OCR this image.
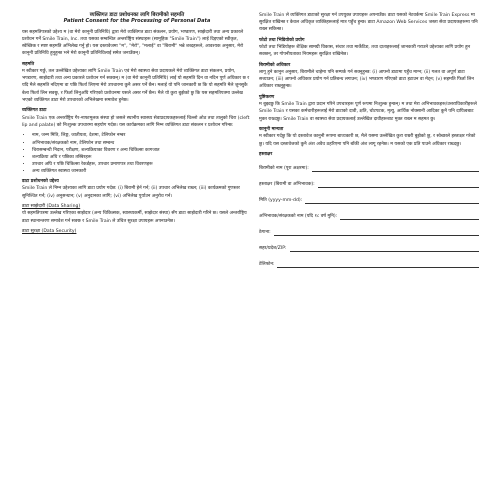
व्यक्तिगत डाटा प्रशोधनका लागि बिरामीको सहमति
Patient Consent for the Processing of Personal Data

यस सहमतिपत्रको उद्देश्य म (वा मेरो कानूनी प्रतिनिधि) द्वारा मेरो व्यक्तिगत डाटा संकलन, प्रयोग, भण्डारण, साझेदारी तथा अन्य प्रकारले प्रशोधन गर्ने Smile Train, Inc. तथा यसका सम्बन्धित अन्तर्राष्ट्रिय संस्थाहरू (सामूहिक "Smile Train") लाई दिइएको स्वीकृत, स्वेच्छिक र स्पष्ट सहमति अभिलेख गर्नु हो। यस दस्तावेजमा "म", "मेरो", "मलाई" वा "बिरामी" भन्ने शब्दहरूले, आवश्यक अनुसार, मेरो कानूनी प्रतिनिधि हुनुहुन्छ भने मेरो कानूनी प्रतिनिधिलाई समेत जनाउँछन्।

सहमति

म स्वीकार गर्छु, तल उल्लेखित उद्देश्यका लागि Smile Train एवं मेरो स्वास्थ्य सेवा प्रदायकले मेरो व्यक्तिगत डाटा संकलन, प्रयोग, भण्डारण, साझेदारी तथा अन्य प्रकारले प्रशोधन गर्न सक्छन्। म (वा मेरो कानूनी प्रतिनिधि) लाई यो सहमति दिन वा नदिन पूर्ण अधिकार छ र यदि मैले सहमति नदिएमा वा पछि फिर्ता लिएमा मेरो उपचारमा कुनै असर पर्ने छैन। मलाई यो पनि जानकारी छ कि यो सहमति मैले जुनसुकै बेला फिर्ता लिन सक्छु, र फिर्ता लिनुअघि गरिएको प्रशोधनमा यसले असर गर्ने छैन। मैले यो कुरा बुझेको छु कि यस सहमतिपत्रमा उल्लेख भएको व्यक्तिगत डाटा मेरो उपचारको अभिलेखमा समावेश हुनेछ।

व्यक्तिगत डाटा

Smile Train एक अन्तर्राष्ट्रिय गैर-नाफामूलक संस्था हो जसले स्थानीय स्वास्थ्य सेवाप्रदायकहरूलाई चिल्लो ओठ तथा तालुको चिरा (cleft lip and palate) को निःशुल्क उपचारमा सहयोग गर्दछ। यस कार्यक्रमका लागि निम्न व्यक्तिगत डाटा संकलन र प्रशोधन गरिन्छ:

• नाम, जन्म मिति, लिङ्ग, जातीयता, देशमा, टेलिफोन नम्बर
• अभिभावक/संरक्षकको नाम, टेलिफोन तथा सम्बन्ध
• चिरासम्बन्धी निदान, परीक्षण, शल्यक्रियाका विवरण र अन्य चिकित्सा कागजात
• शल्यक्रिया अघि र पछिका तस्बिरहरू
• उपचार अघि र पछि चिकित्सा रेकर्डहरू, उपचार प्रमाणपत्र तथा विवरणहरू
• अन्य व्यक्तिगत स्वास्थ्य जानकारी
डाटा प्रशोधनको उद्देश्य

Smile Train ले निम्न उद्देश्यका लागि डाटा प्रयोग गर्दछ: (i) बिरामी हेर्न गर्न; (ii) उपचार अभिलेख राख्न; (iii) कार्यक्रमको गुणस्तर सुनिश्चित गर्न; (iv) अनुसन्धान; (v) अनुदानका लागि; (vi) अभिलेख पुर्याउन अनुरोध गर्न।

डाटा साझेदारी (Data Sharing)

यो सहमतिपत्रमा उल्लेख गरिएका साझेदार (अन्य चिकित्सक, स्वास्थ्यकर्मी, साझेदार संस्था) सँग डाटा साझेदारी गरिने छ। यसले अन्तर्राष्ट्रिय डाटा स्थानान्तरण समावेश गर्न सक्छ र Smile Train ले उचित सुरक्षा उपायहरू अपनाउनेछ।

डाटा सुरक्षा (Data Security)

Smile Train ले व्यक्तिगत डाटाको सुरक्षा गर्न उपयुक्त उपायहरू अपनाउँछ। डाटा यसको नेटवर्कमा Smile Train Express मा सुरक्षित राखिन्छ र केवल अधिकृत व्यक्तिहरूलाई मात्र पहुँच हुन्छ। डाटा Amazon Web Services जस्ता सेवा प्रदायकहरूमा पनि राख्न सकिन्छ।

फोटो तथा भिडियोको प्रयोग

फोटो तथा भिडियोहरू शैक्षिक सामग्री विकास, संचार तथा मार्केटिङ, तथा दाताहरूलाई जानकारी गराउने उद्देश्यका लागि प्रयोग हुन सक्छन्, तर गोपनीयताका नियमहरू सुरक्षित राखिनेछ।

बिरामीको अधिकार

लागू हुने कानुन अनुसार, बिरामीले चाहेमा पनि सम्पर्क गर्न सक्नुहुन्छ: (i) आफ्नो डाटामा पहुँच माग्न; (ii) गलत वा अपूर्ण डाटा सच्याउन; (iii) आफ्नो अधिकार प्रयोग गर्न प्रतिबन्ध लगाउन; (iv) भण्डारण गरिएको डाटा हटाउन वा मेट्न; (v) सहमति फिर्ता लिन अधिकार राख्नुहुन्छ।

पुष्टिकरण

म बुझ्दछु कि Smile Train द्वारा प्रदान गरिने उपचारहरू पूर्ण रूपमा निःशुल्क हुन्छन्। म तथा मेरा अभिभावकहरू/उत्तराधिकारीहरूले Smile Train र यसका कर्मचारीहरूलाई मेरो डाटाको दावी, क्षति, चोटपटक, मृत्यु, आर्थिक नोक्सानी आदिका कुनै पनि दायित्वबाट मुक्त राख्दछु। Smile Train वा स्वास्थ्य सेवा प्रदायकलाई उल्लेखित दावीहरूबाट मुक्त राख्न म सहमत छु।

कानूनी मान्यता

म स्वीकार गर्दछु कि यो दस्तावेज कानुनी रूपमा बाध्यकारी छ, मैले यसमा उल्लेखित कुरा राम्ररी बुझेको छु, र स्वेच्छाले हस्ताक्षर गरेको छु। यदि यस दस्तावेजको कुनै अंश अवैध ठहरिएमा पनि बाँकी अंश लागू रहनेछ। म यसको एक प्रति पाउने अधिकार राख्दछु।

हस्ताक्षर
बिरामीको नाम (पूरा अक्षरमा):
हस्ताक्षर (बिरामी वा अभिभावक):
मिति (yyyy-mm-dd):
अभिभावक/संरक्षकको नाम (यदि १८ वर्ष मुनि):
ठेगाना:
सहर/प्रदेश/ZIP:
टेलिफोन:
